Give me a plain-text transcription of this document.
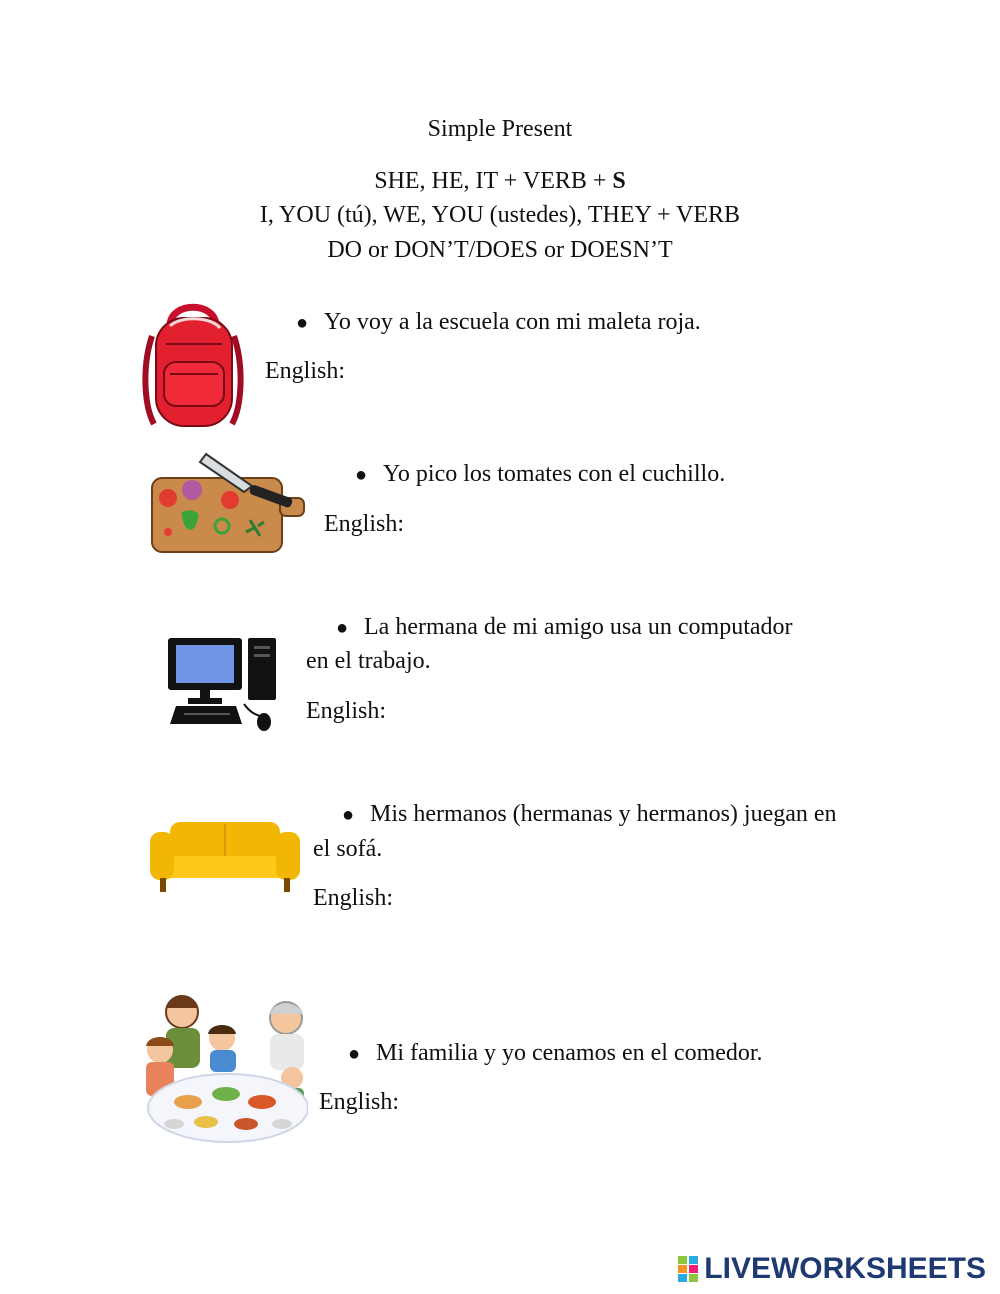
Simple Present
SHE, HE, IT + VERB + S
I, YOU (tú), WE, YOU (ustedes), THEY + VERB
DO or DON’T/DOES or DOESN’T
● Yo voy a la escuela con mi maleta roja.
English:
● Yo pico los tomates con el cuchillo.
English:
● La hermana de mi amigo usa un computador
en el trabajo.
English:
● Mis hermanos (hermanas y hermanos) juegan en
el sofá.
English:
● Mi familia y yo cenamos en el comedor.
English:
LIVEWORKSHEETS
